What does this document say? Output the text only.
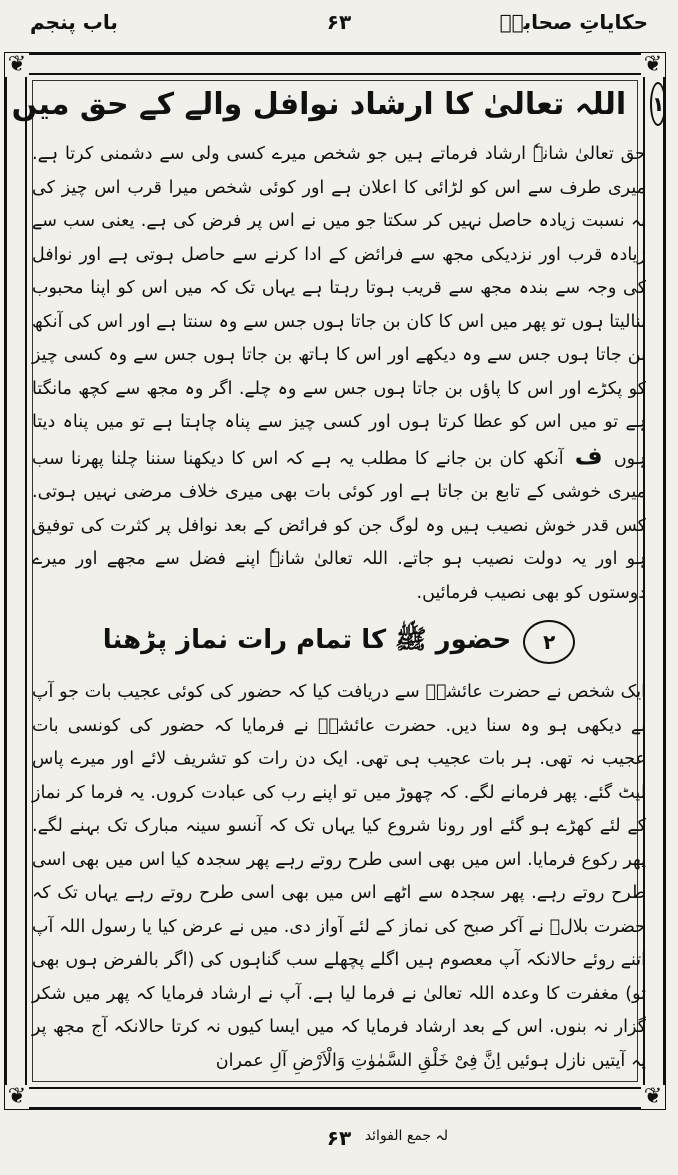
حکایاتِ صحابہؓ
۶۳
باب پنجم
❦	❦
❦	❦
۱
اللہ تعالیٰ کا ارشاد نوافل والے کے حق میں

حق تعالیٰ شانہٗ ارشاد فرماتے ہیں جو شخص میرے کسی ولی سے دشمنی کرتا ہے. میری طرف سے اس کو لڑائی کا اعلان ہے اور کوئی شخص میرا قرب اس چیز کی بہ نسبت زیادہ حاصل نہیں کر سکتا جو میں نے اس پر فرض کی ہے. یعنی سب سے زیادہ قرب اور نزدیکی مجھ سے فرائض کے ادا کرنے سے حاصل ہوتی ہے اور نوافل کی وجہ سے بندہ مجھ سے قریب ہوتا رہتا ہے یہاں تک کہ میں اس کو اپنا محبوب بنالیتا ہوں تو پھر میں اس کا کان بن جاتا ہوں جس سے وہ سنتا ہے اور اس کی آنکھ بن جاتا ہوں جس سے وہ دیکھے اور اس کا ہاتھ بن جاتا ہوں جس سے وہ کسی چیز کو پکڑے اور اس کا پاؤں بن جاتا ہوں جس سے وہ چلے. اگر وہ مجھ سے کچھ مانگتا ہے تو میں اس کو عطا کرتا ہوں اور کسی چیز سے پناہ چاہتا ہے تو میں پناہ دیتا ہوں ف آنکھ کان بن جانے کا مطلب یہ ہے کہ اس کا دیکھنا سننا چلنا پھرنا سب میری خوشی کے تابع بن جاتا ہے اور کوئی بات بھی میری خلاف مرضی نہیں ہوتی. کس قدر خوش نصیب ہیں وہ لوگ جن کو فرائض کے بعد نوافل پر کثرت کی توفیق ہو اور یہ دولت نصیب ہو جاتے. اللہ تعالیٰ شانہٗ اپنے فضل سے مجھے اور میرے دوستوں کو بھی نصیب فرمائیں.

۲
حضور ﷺ کا تمام رات نماز پڑھنا

ایک شخص نے حضرت عائشہؓ سے دریافت کیا کہ حضور کی کوئی عجیب بات جو آپ نے دیکھی ہو وہ سنا دیں. حضرت عائشہؓ نے فرمایا کہ حضور کی کونسی بات عجیب نہ تھی. ہر بات عجیب ہی تھی. ایک دن رات کو تشریف لائے اور میرے پاس لیٹ گئے. پھر فرمانے لگے. کہ چھوڑ میں تو اپنے رب کی عبادت کروں. یہ فرما کر نماز کے لئے کھڑے ہو گئے اور رونا شروع کیا یہاں تک کہ آنسو سینہ مبارک تک بہنے لگے. پھر رکوع فرمایا. اس میں بھی اسی طرح روتے رہے پھر سجدہ کیا اس میں بھی اسی طرح روتے رہے. پھر سجدہ سے اٹھے اس میں بھی اسی طرح روتے رہے یہاں تک کہ حضرت بلالؓ نے آکر صبح کی نماز کے لئے آواز دی. میں نے عرض کیا یا رسول اللہ آپ اتنے روئے حالانکہ آپ معصوم ہیں اگلے پچھلے سب گناہوں کی (اگر بالفرض ہوں بھی تو) مغفرت کا وعدہ اللہ تعالیٰ نے فرما لیا ہے. آپ نے ارشاد فرمایا کہ پھر میں شکر گزار نہ بنوں. اس کے بعد ارشاد فرمایا کہ میں ایسا کیوں نہ کرتا حالانکہ آج مجھ پر یہ آیتیں نازل ہوئیں اِنَّ فِیْ خَلْقِ السَّمٰوٰتِ وَالْاَرْضِ آلِ عمران

لہ جمع الفوائد
۶۳
